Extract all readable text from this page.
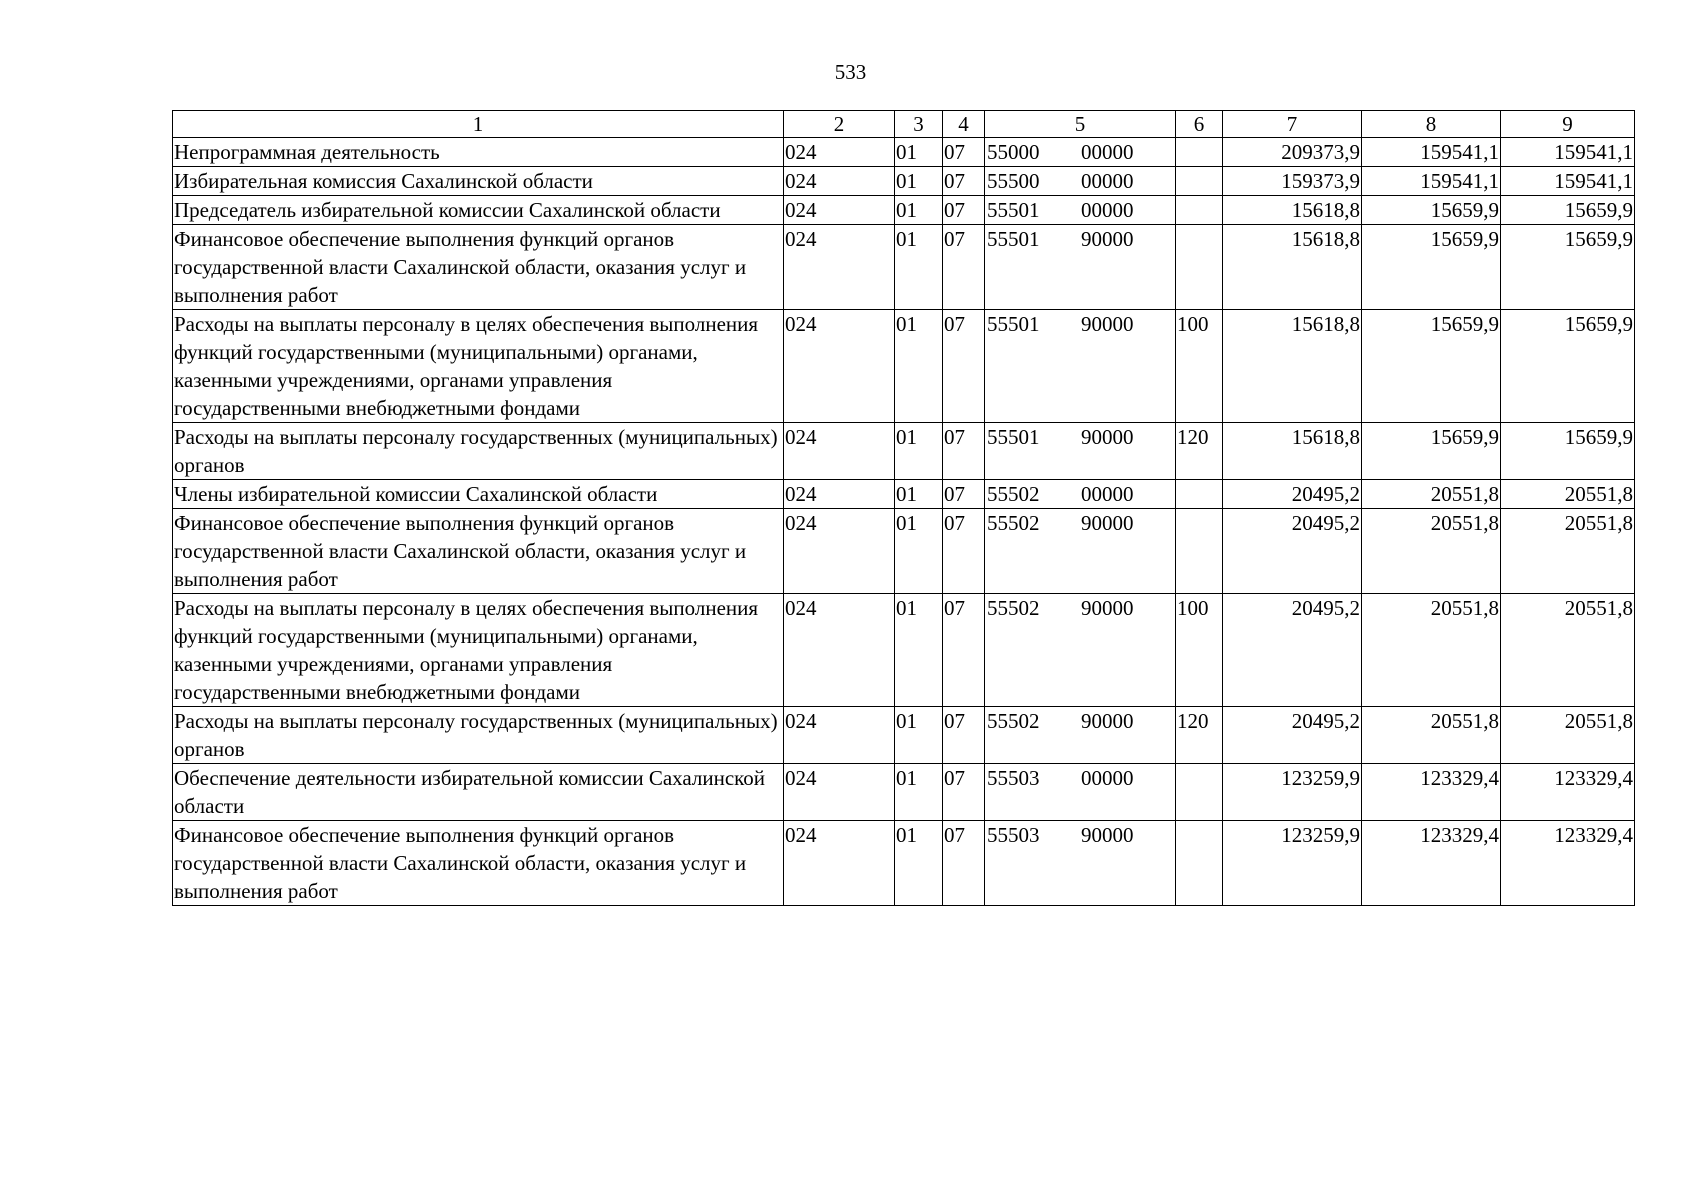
533
1	2	3	4	5	6	7	8	9
Непрограммная деятельность	024	01	07	55000 00000		209373,9	159541,1	159541,1
Избирательная комиссия Сахалинской области	024	01	07	55500 00000		159373,9	159541,1	159541,1
Председатель избирательной комиссии Сахалинской области	024	01	07	55501 00000		15618,8	15659,9	15659,9
Финансовое обеспечение выполнения функций органов государственной власти Сахалинской области, оказания услуг и выполнения работ	024	01	07	55501 90000		15618,8	15659,9	15659,9
Расходы на выплаты персоналу в целях обеспечения выполнения функций государственными (муниципальными) органами, казенными учреждениями, органами управления государственными внебюджетными фондами	024	01	07	55501 90000	100	15618,8	15659,9	15659,9
Расходы на выплаты персоналу государственных (муниципальных) органов	024	01	07	55501 90000	120	15618,8	15659,9	15659,9
Члены избирательной комиссии Сахалинской области	024	01	07	55502 00000		20495,2	20551,8	20551,8
Финансовое обеспечение выполнения функций органов государственной власти Сахалинской области, оказания услуг и выполнения работ	024	01	07	55502 90000		20495,2	20551,8	20551,8
Расходы на выплаты персоналу в целях обеспечения выполнения функций государственными (муниципальными) органами, казенными учреждениями, органами управления государственными внебюджетными фондами	024	01	07	55502 90000	100	20495,2	20551,8	20551,8
Расходы на выплаты персоналу государственных (муниципальных) органов	024	01	07	55502 90000	120	20495,2	20551,8	20551,8
Обеспечение деятельности избирательной комиссии Сахалинской области	024	01	07	55503 00000		123259,9	123329,4	123329,4
Финансовое обеспечение выполнения функций органов государственной власти Сахалинской области, оказания услуг и выполнения работ	024	01	07	55503 90000		123259,9	123329,4	123329,4
